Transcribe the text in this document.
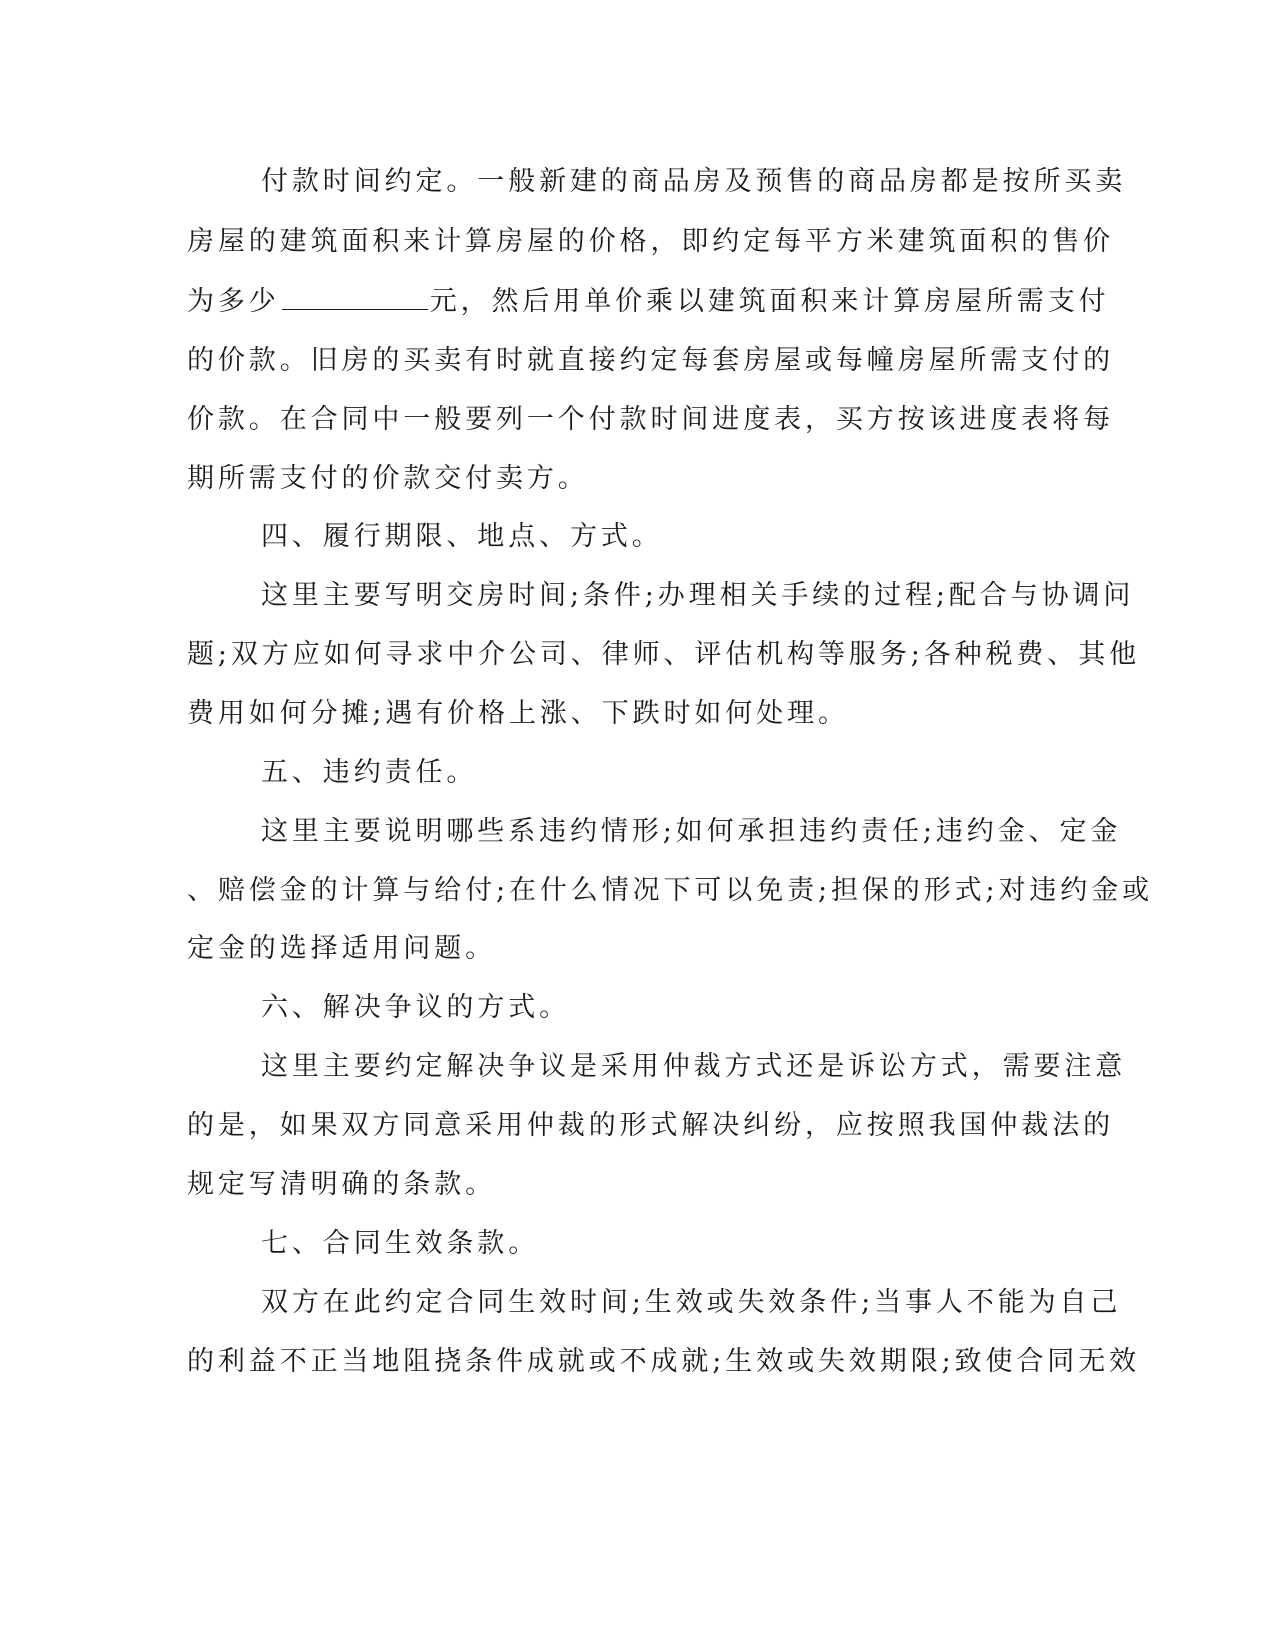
付款时间约定。一般新建的商品房及预售的商品房都是按所买卖
房屋的建筑面积来计算房屋的价格，即约定每平方米建筑面积的售价
为多少	元，然后用单价乘以建筑面积来计算房屋所需支付
的价款。旧房的买卖有时就直接约定每套房屋或每幢房屋所需支付的
价款。在合同中一般要列一个付款时间进度表，买方按该进度表将每
期所需支付的价款交付卖方。
四、履行期限、地点、方式。
这里主要写明交房时间;条件;办理相关手续的过程;配合与协调问
题;双方应如何寻求中介公司、律师、评估机构等服务;各种税费、其他
费用如何分摊;遇有价格上涨、下跌时如何处理。
五、违约责任。
这里主要说明哪些系违约情形;如何承担违约责任;违约金、定金
、赔偿金的计算与给付;在什么情况下可以免责;担保的形式;对违约金或
定金的选择适用问题。
六、解决争议的方式。
这里主要约定解决争议是采用仲裁方式还是诉讼方式，需要注意
的是，如果双方同意采用仲裁的形式解决纠纷，应按照我国仲裁法的
规定写清明确的条款。
七、合同生效条款。
双方在此约定合同生效时间;生效或失效条件;当事人不能为自己
的利益不正当地阻挠条件成就或不成就;生效或失效期限;致使合同无效
